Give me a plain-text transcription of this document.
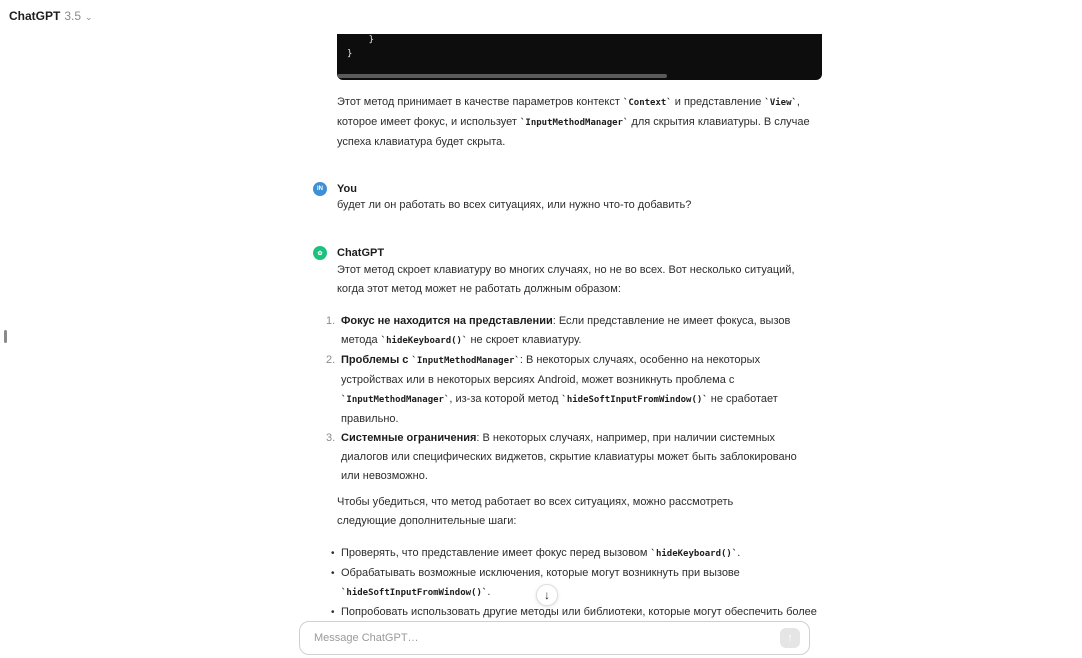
ChatGPT 3.5 ⌄
}
}
Этот метод принимает в качестве параметров контекст `Context` и представление `View`, которое имеет фокус, и использует `InputMethodManager` для скрытия клавиатуры. В случае успеха клавиатура будет скрыта.
IN	You
будет ли он работать во всех ситуациях, или нужно что-то добавить?
✿	ChatGPT
Этот метод скроет клавиатуру во многих случаях, но не во всех. Вот несколько ситуаций, когда этот метод может не работать должным образом:
1. Фокус не находится на представлении: Если представление не имеет фокуса, вызов метода `hideKeyboard()` не скроет клавиатуру.
2. Проблемы с `InputMethodManager`: В некоторых случаях, особенно на некоторых устройствах или в некоторых версиях Android, может возникнуть проблема с `InputMethodManager`, из-за которой метод `hideSoftInputFromWindow()` не сработает правильно.
3. Системные ограничения: В некоторых случаях, например, при наличии системных диалогов или специфических виджетов, скрытие клавиатуры может быть заблокировано или невозможно.
Чтобы убедиться, что метод работает во всех ситуациях, можно рассмотреть следующие дополнительные шаги:
• Проверять, что представление имеет фокус перед вызовом `hideKeyboard()`.
• Обрабатывать возможные исключения, которые могут возникнуть при вызове `hideSoftInputFromWindow()`.
• Попробовать использовать другие методы или библиотеки, которые могут обеспечить более
↓
Message ChatGPT…
↑
